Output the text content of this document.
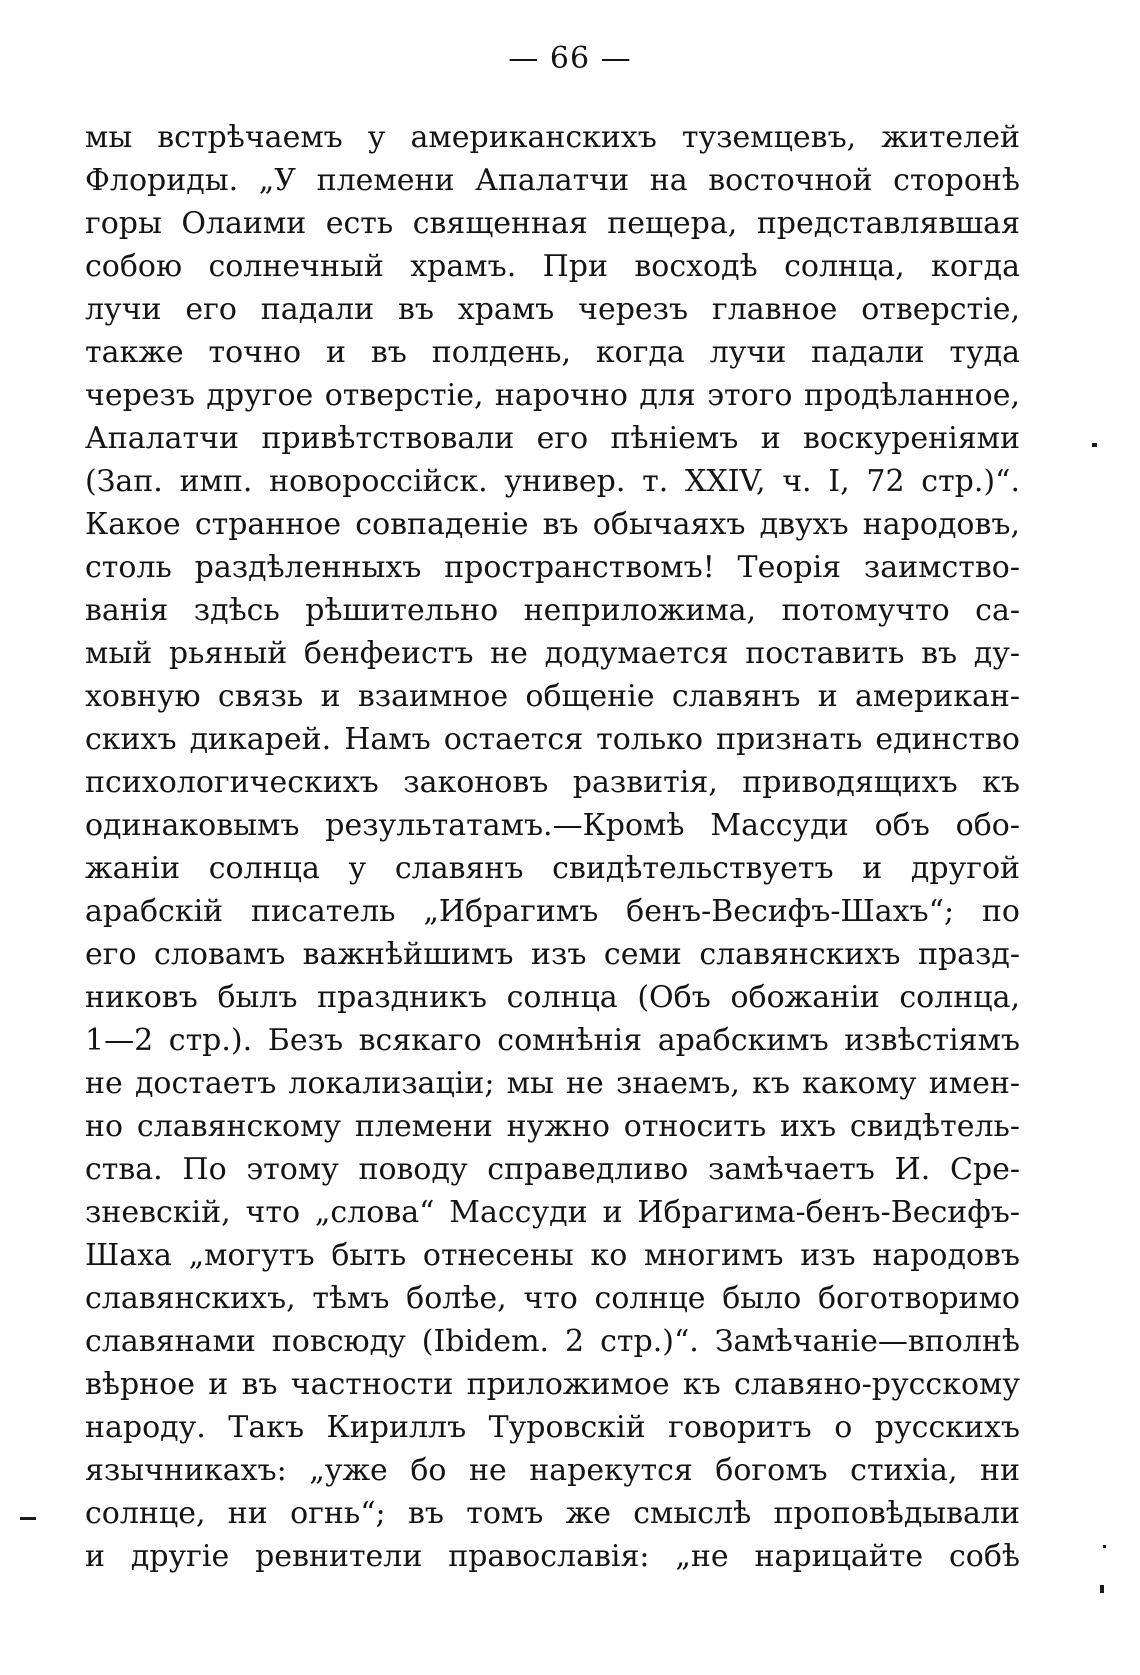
— 66 —
мы встрѣчаемъ у американскихъ туземцевъ, жителей
Флориды. „У племени Апалатчи на восточной сторонѣ
горы Олаими есть священная пещера, представлявшая
собою солнечный храмъ. При восходѣ солнца, когда
лучи его падали въ храмъ черезъ главное отверстіе,
также точно и въ полдень, когда лучи падали туда
черезъ другое отверстіе, нарочно для этого продѣланное,
Апалатчи привѣтствовали его пѣніемъ и воскуреніями
(Зап. имп. новороссійск. универ. т. XXIV, ч. I, 72 стр.)“.
Какое странное совпаденіе въ обычаяхъ двухъ народовъ,
столь раздѣленныхъ пространствомъ! Теорія заимство-
ванія здѣсь рѣшительно неприложима, потомучто са-
мый рьяный бенфеистъ не додумается поставить въ ду-
ховную связь и взаимное общеніе славянъ и американ-
скихъ дикарей. Намъ остается только признать единство
психологическихъ законовъ развитія, приводящихъ къ
одинаковымъ результатамъ.—Кромѣ Массуди объ обо-
жаніи солнца у славянъ свидѣтельствуетъ и другой
арабскій писатель „Ибрагимъ бенъ-Весифъ-Шахъ“; по
его словамъ важнѣйшимъ изъ семи славянскихъ празд-
никовъ былъ праздникъ солнца (Объ обожаніи солнца,
1—2 стр.). Безъ всякаго сомнѣнія арабскимъ извѣстіямъ
не достаетъ локализаціи; мы не знаемъ, къ какому имен-
но славянскому племени нужно относить ихъ свидѣтель-
ства. По этому поводу справедливо замѣчаетъ И. Сре-
зневскій, что „слова“ Массуди и Ибрагима-бенъ-Весифъ-
Шаха „могутъ быть отнесены ко многимъ изъ народовъ
славянскихъ, тѣмъ болѣе, что солнце было боготворимо
славянами повсюду (Ibidem. 2 стр.)“. Замѣчаніе—вполнѣ
вѣрное и въ частности приложимое къ славяно-русскому
народу. Такъ Кириллъ Туровскій говоритъ о русскихъ
язычникахъ: „уже бо не нарекутся богомъ стихіа, ни
солнце, ни огнь“; въ томъ же смыслѣ проповѣдывали
и другіе ревнители православія: „не нарицайте собѣ
